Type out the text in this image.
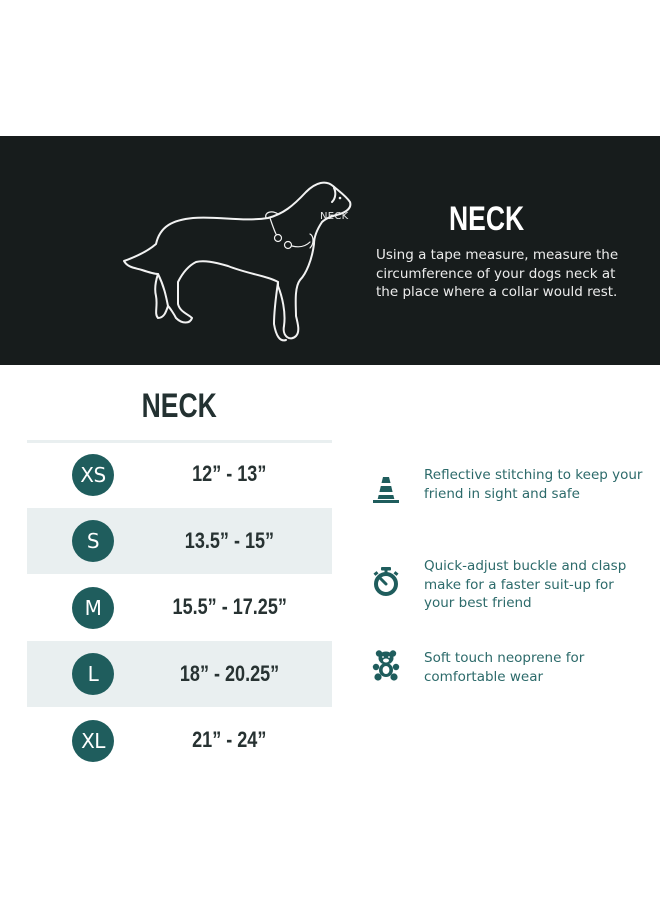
NECK	NECK

Using a tape measure, measure the circumference of your dogs neck at the place where a collar would rest.

NECK
XS	12” - 13”
S	13.5” - 15”
M	15.5” - 17.25”
L	18” - 20.25”
XL	21” - 24”

Reflective stitching to keep your friend in sight and safe

Quick-adjust buckle and clasp make for a faster suit-up for your best friend

Soft touch neoprene for comfortable wear
